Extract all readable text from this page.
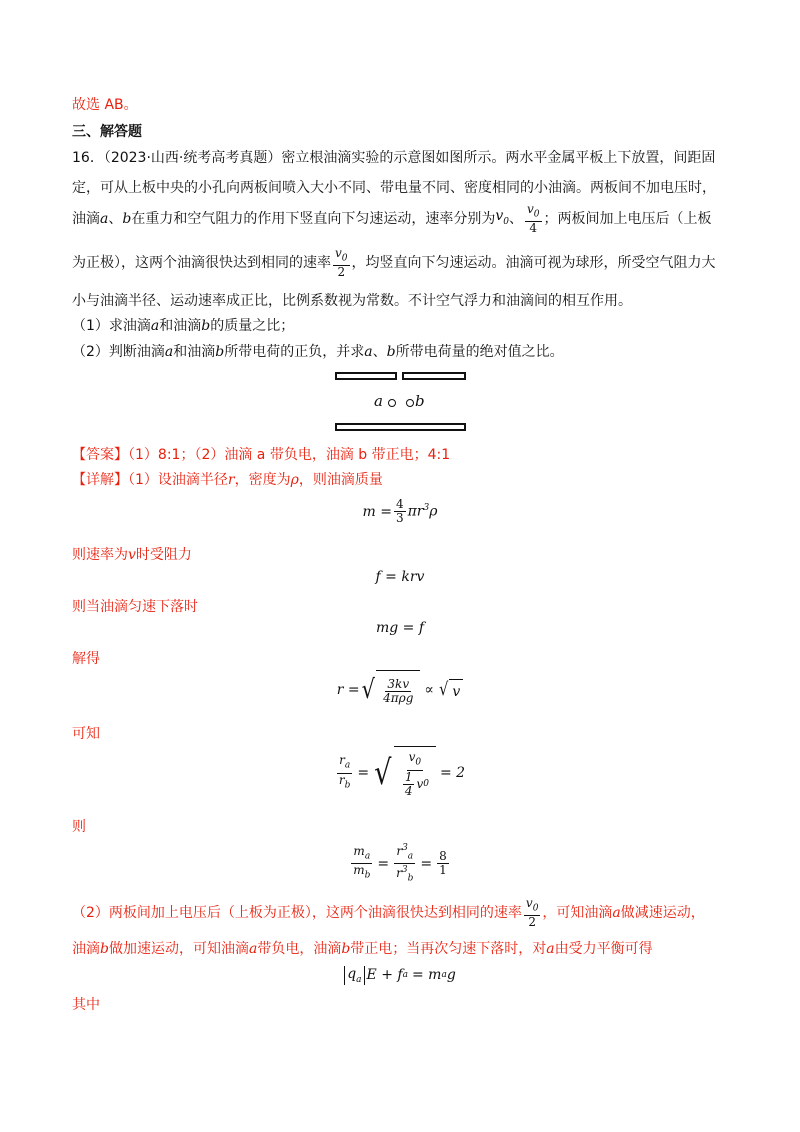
故选 AB。
三、解答题
16．（2023·山西·统考高考真题）密立根油滴实验的示意图如图所示。两水平金属平板上下放置，间距固
定，可从上板中央的小孔向两板间喷入大小不同、带电量不同、密度相同的小油滴。两板间不加电压时，
油滴 a 、 b 在重力和空气阻力的作用下竖直向下匀速运动，速率分别为 $v_0$ 、 $\frac{v_0}{4}$ ；两板间加上电压后（上板
为正极），这两个油滴很快达到相同的速率 $\frac{v_0}{2}$ ，均竖直向下匀速运动。油滴可视为球形，所受空气阻力大
小与油滴半径、运动速率成正比，比例系数视为常数。不计空气浮力和油滴间的相互作用。
（1）求油滴a和油滴b的质量之比；
（2）判断油滴a和油滴b所带电荷的正负，并求a、b所带电荷量的绝对值之比。
a b
【答案】（1）8:1；（2）油滴 a 带负电，油滴 b 带正电；4:1
【详解】（1）设油滴半径r，密度为ρ，则油滴质量
$m = \frac{4}{3} \pi r^3\rho$
则速率为v时受阻力
f = krv
则当油滴匀速下落时
mg = f
解得
r = √ $\frac{3kv}{\text{4πρg}}$ ∝ √ v
可知
$\frac{r_a}{r_b}$ = √ $\frac{v_0}{\frac{1}{4} v 0} = 2$
则
$\frac{m_a}{m_b} = \frac{r^3_a}{r^3_b} = \frac{8}{1}$
（2）两板间加上电压后（上板为正极），这两个油滴很快达到相同的速率 $\frac{v_0}{2}$ ，可知油滴 a 做减速运动，
油滴b做加速运动，可知油滴a带负电，油滴b带正电；当再次匀速下落时，对a由受力平衡可得
$q_a$ E + f a = m a g
其中
